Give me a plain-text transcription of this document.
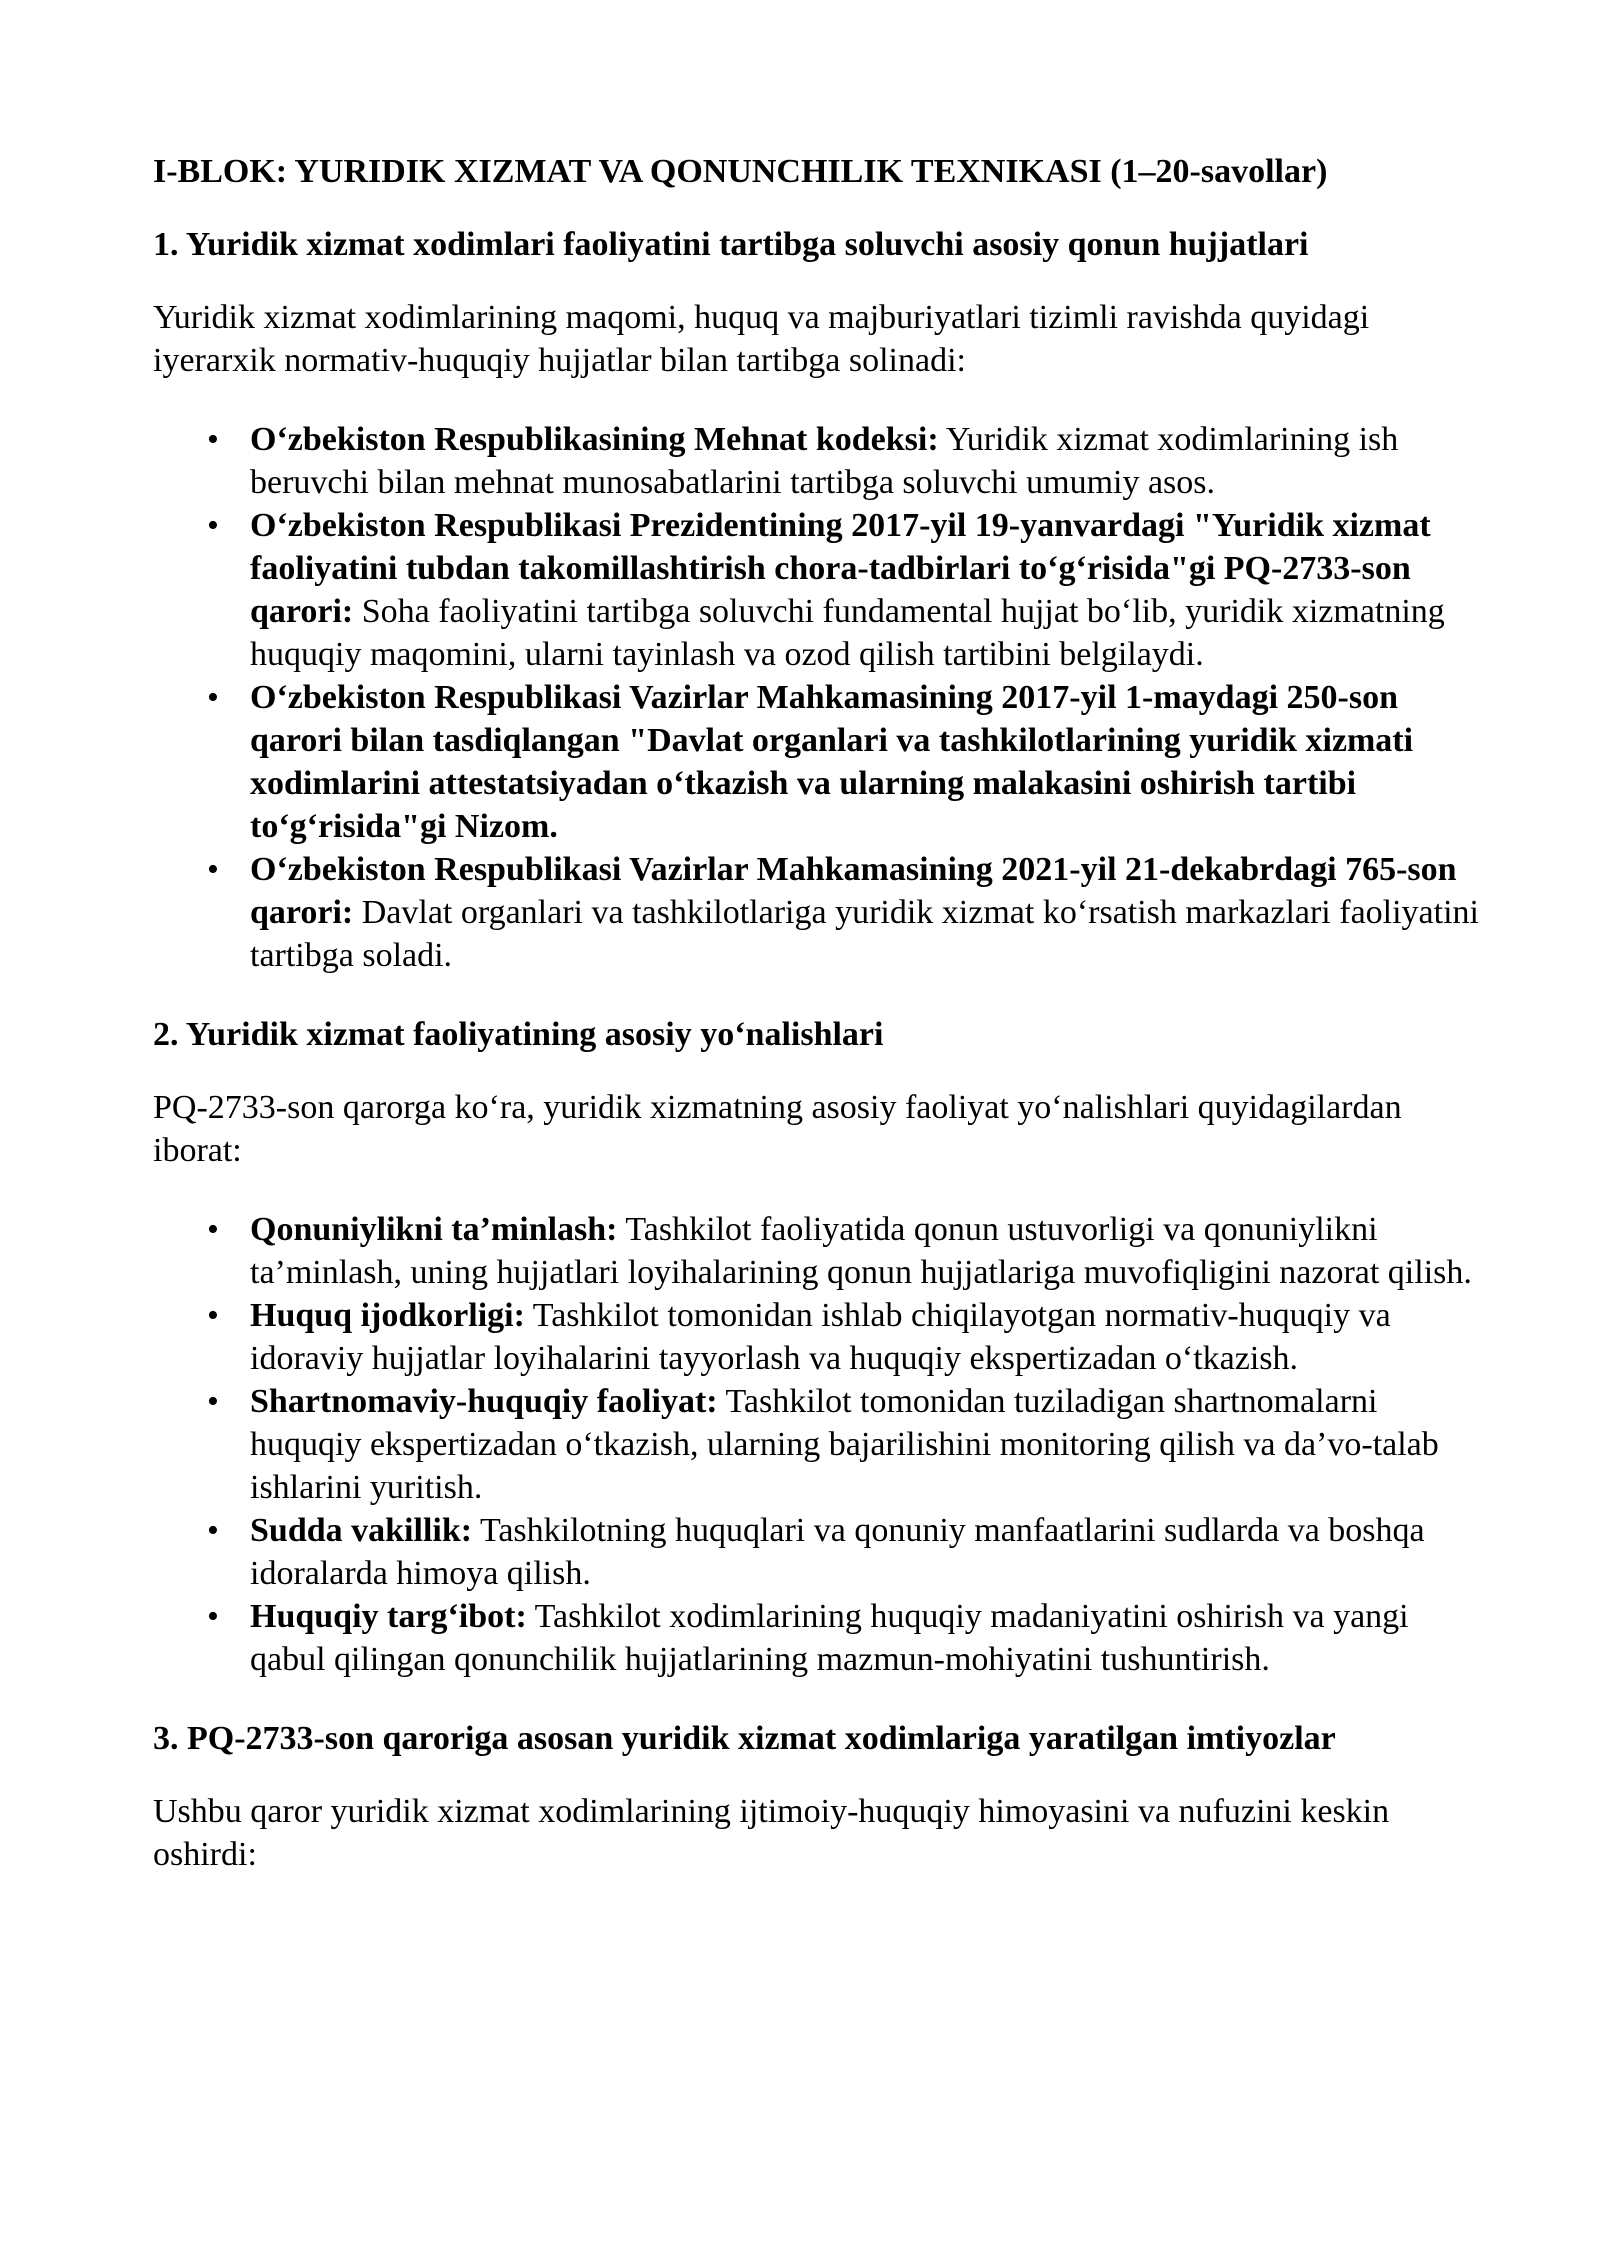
I-BLOK: YURIDIK XIZMAT VA QONUNCHILIK TEXNIKASI (1–20-savollar)
1. Yuridik xizmat xodimlari faoliyatini tartibga soluvchi asosiy qonun hujjatlari

Yuridik xizmat xodimlarining maqomi, huquq va majburiyatlari tizimli ravishda quyidagi iyerarxik normativ-huquqiy hujjatlar bilan tartibga solinadi:

• O‘zbekiston Respublikasining Mehnat kodeksi: Yuridik xizmat xodimlarining ish beruvchi bilan mehnat munosabatlarini tartibga soluvchi umumiy asos.
• O‘zbekiston Respublikasi Prezidentining 2017-yil 19-yanvardagi "Yuridik xizmat faoliyatini tubdan takomillashtirish chora-tadbirlari to‘g‘risida"gi PQ-2733-son qarori: Soha faoliyatini tartibga soluvchi fundamental hujjat bo‘lib, yuridik xizmatning huquqiy maqomini, ularni tayinlash va ozod qilish tartibini belgilaydi.
• O‘zbekiston Respublikasi Vazirlar Mahkamasining 2017-yil 1-maydagi 250-son qarori bilan tasdiqlangan "Davlat organlari va tashkilotlarining yuridik xizmati xodimlarini attestatsiyadan o‘tkazish va ularning malakasini oshirish tartibi to‘g‘risida"gi Nizom.
• O‘zbekiston Respublikasi Vazirlar Mahkamasining 2021-yil 21-dekabrdagi 765-son qarori: Davlat organlari va tashkilotlariga yuridik xizmat ko‘rsatish markazlari faoliyatini tartibga soladi.
2. Yuridik xizmat faoliyatining asosiy yo‘nalishlari

PQ-2733-son qarorga ko‘ra, yuridik xizmatning asosiy faoliyat yo‘nalishlari quyidagilardan iborat:

• Qonuniylikni ta’minlash: Tashkilot faoliyatida qonun ustuvorligi va qonuniylikni ta’minlash, uning hujjatlari loyihalarining qonun hujjatlariga muvofiqligini nazorat qilish.
• Huquq ijodkorligi: Tashkilot tomonidan ishlab chiqilayotgan normativ-huquqiy va idoraviy hujjatlar loyihalarini tayyorlash va huquqiy ekspertizadan o‘tkazish.
• Shartnomaviy-huquqiy faoliyat: Tashkilot tomonidan tuziladigan shartnomalarni huquqiy ekspertizadan o‘tkazish, ularning bajarilishini monitoring qilish va da’vo-talab ishlarini yuritish.
• Sudda vakillik: Tashkilotning huquqlari va qonuniy manfaatlarini sudlarda va boshqa idoralarda himoya qilish.
• Huquqiy targ‘ibot: Tashkilot xodimlarining huquqiy madaniyatini oshirish va yangi qabul qilingan qonunchilik hujjatlarining mazmun-mohiyatini tushuntirish.
3. PQ-2733-son qaroriga asosan yuridik xizmat xodimlariga yaratilgan imtiyozlar

Ushbu qaror yuridik xizmat xodimlarining ijtimoiy-huquqiy himoyasini va nufuzini keskin oshirdi:
